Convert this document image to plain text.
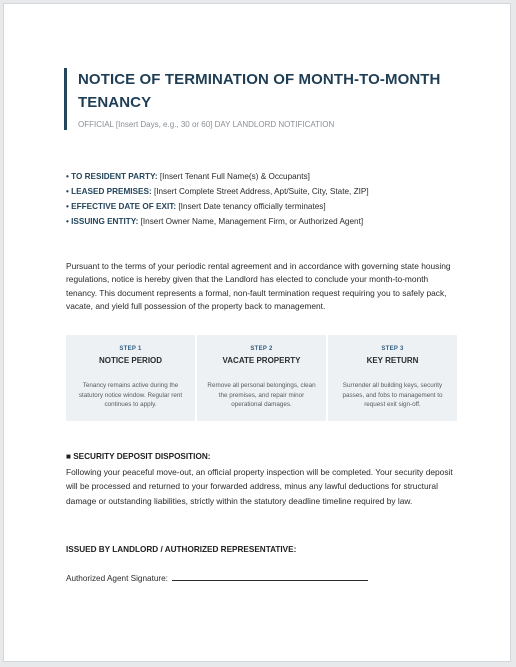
NOTICE OF TERMINATION OF MONTH-TO-MONTH TENANCY
OFFICIAL [Insert Days, e.g., 30 or 60] DAY LANDLORD NOTIFICATION
• TO RESIDENT PARTY: [Insert Tenant Full Name(s) & Occupants]
• LEASED PREMISES: [Insert Complete Street Address, Apt/Suite, City, State, ZIP]
• EFFECTIVE DATE OF EXIT: [Insert Date tenancy officially terminates]
• ISSUING ENTITY: [Insert Owner Name, Management Firm, or Authorized Agent]

Pursuant to the terms of your periodic rental agreement and in accordance with governing state housing regulations, notice is hereby given that the Landlord has elected to conclude your month-to-month tenancy. This document represents a formal, non-fault termination request requiring you to safely pack, vacate, and yield full possession of the property back to management.

STEP 1
NOTICE PERIOD
Tenancy remains active during the statutory notice window. Regular rent continues to apply.
STEP 2
VACATE PROPERTY
Remove all personal belongings, clean the premises, and repair minor operational damages.
STEP 3
KEY RETURN
Surrender all building keys, security passes, and fobs to management to request exit sign-off.
■ SECURITY DEPOSIT DISPOSITION:
Following your peaceful move-out, an official property inspection will be completed. Your security deposit will be processed and returned to your forwarded address, minus any lawful deductions for structural damage or outstanding liabilities, strictly within the statutory deadline timeline required by law.
ISSUED BY LANDLORD / AUTHORIZED REPRESENTATIVE:
Authorized Agent Signature:
